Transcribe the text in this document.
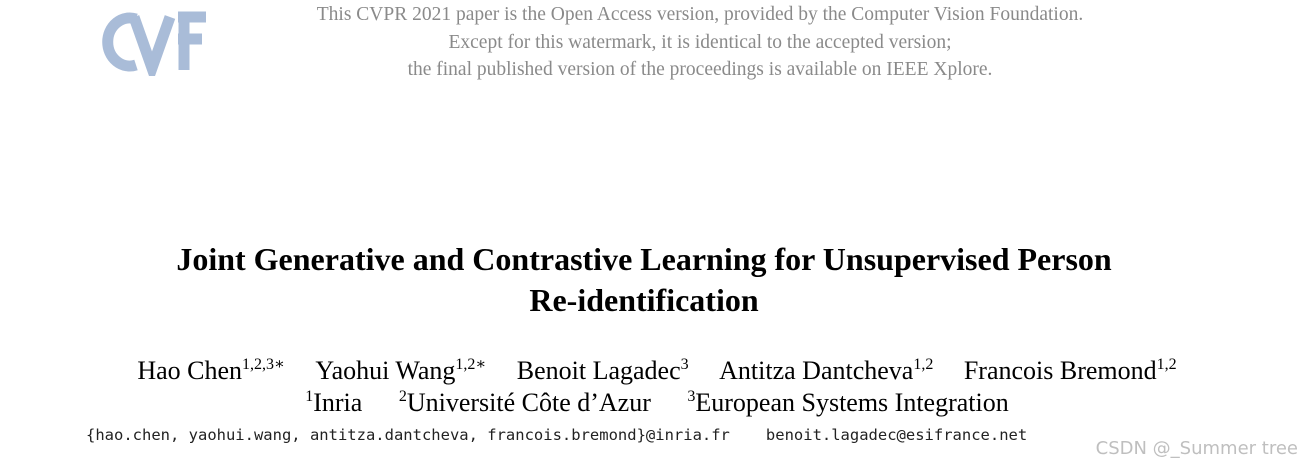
This CVPR 2021 paper is the Open Access version, provided by the Computer Vision Foundation.
Except for this watermark, it is identical to the accepted version;
the final published version of the proceedings is available on IEEE Xplore.
Joint Generative and Contrastive Learning for Unsupervised Person
Re-identification
Hao Chen$^{1,2,3∗}$ Yaohui Wang$^{1,2∗}$ Benoit Lagadec$^3$ Antitza Dantcheva$^{1,2}$ Francois Bremond$^{1,2}$
$^1$Inria $^2$Université Côte d’Azur $^3$European Systems Integration
{hao.chen, yaohui.wang, antitza.dantcheva, francois.bremond}@inria.fr benoit.lagadec@esifrance.net
CSDN @_Summer tree
